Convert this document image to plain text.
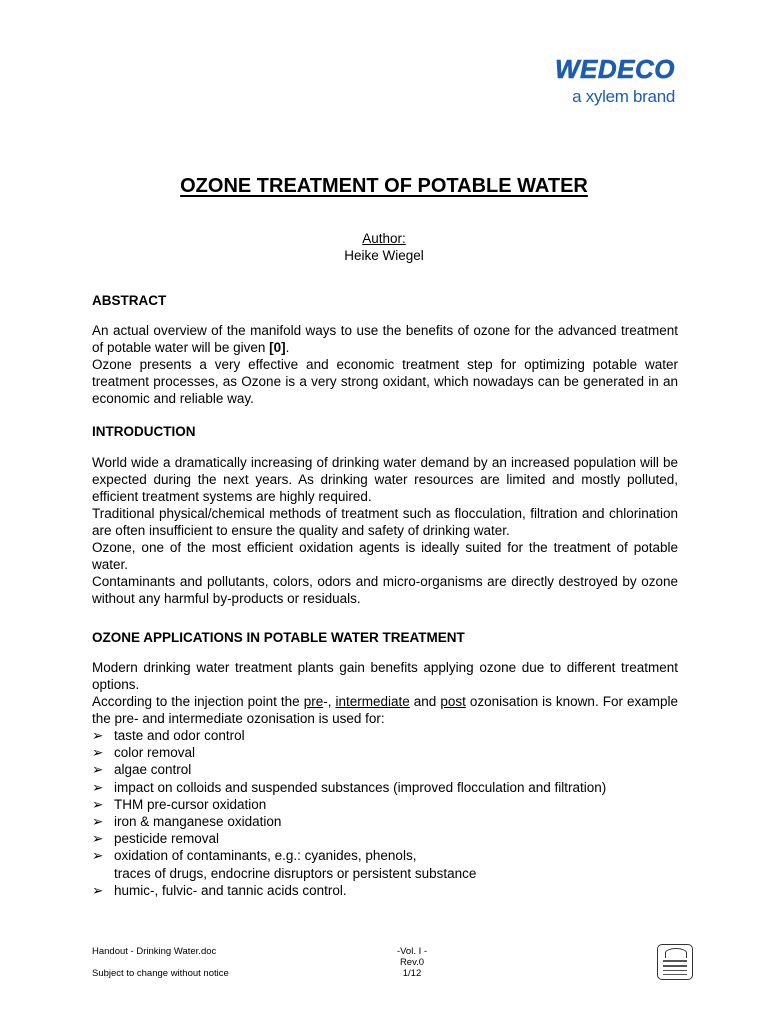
WEDECO
a xylem brand
OZONE TREATMENT OF POTABLE WATER
Author:
Heike Wiegel
ABSTRACT

An actual overview of the manifold ways to use the benefits of ozone for the advanced treatment of potable water will be given [0].

Ozone presents a very effective and economic treatment step for optimizing potable water treatment processes, as Ozone is a very strong oxidant, which nowadays can be generated in an economic and reliable way.

INTRODUCTION

World wide a dramatically increasing of drinking water demand by an increased population will be expected during the next years. As drinking water resources are limited and mostly polluted, efficient treatment systems are highly required.

Traditional physical/chemical methods of treatment such as flocculation, filtration and chlorination are often insufficient to ensure the quality and safety of drinking water.

Ozone, one of the most efficient oxidation agents is ideally suited for the treatment of potable water.

Contaminants and pollutants, colors, odors and micro-organisms are directly destroyed by ozone without any harmful by-products or residuals.

OZONE APPLICATIONS IN POTABLE WATER TREATMENT

Modern drinking water treatment plants gain benefits applying ozone due to different treatment options.

According to the injection point the pre-, intermediate and post ozonisation is known. For example the pre- and intermediate ozonisation is used for:

➢ taste and odor control
➢ color removal
➢ algae control
➢ impact on colloids and suspended substances (improved flocculation and filtration)
➢ THM pre-cursor oxidation
➢ iron & manganese oxidation
➢ pesticide removal
➢ oxidation of contaminants, e.g.: cyanides, phenols,
traces of drugs, endocrine disruptors or persistent substance
➢ humic-, fulvic- and tannic acids control.
Handout - Drinking Water.doc
Subject to change without notice
-Vol. I -
Rev.0
1/12
